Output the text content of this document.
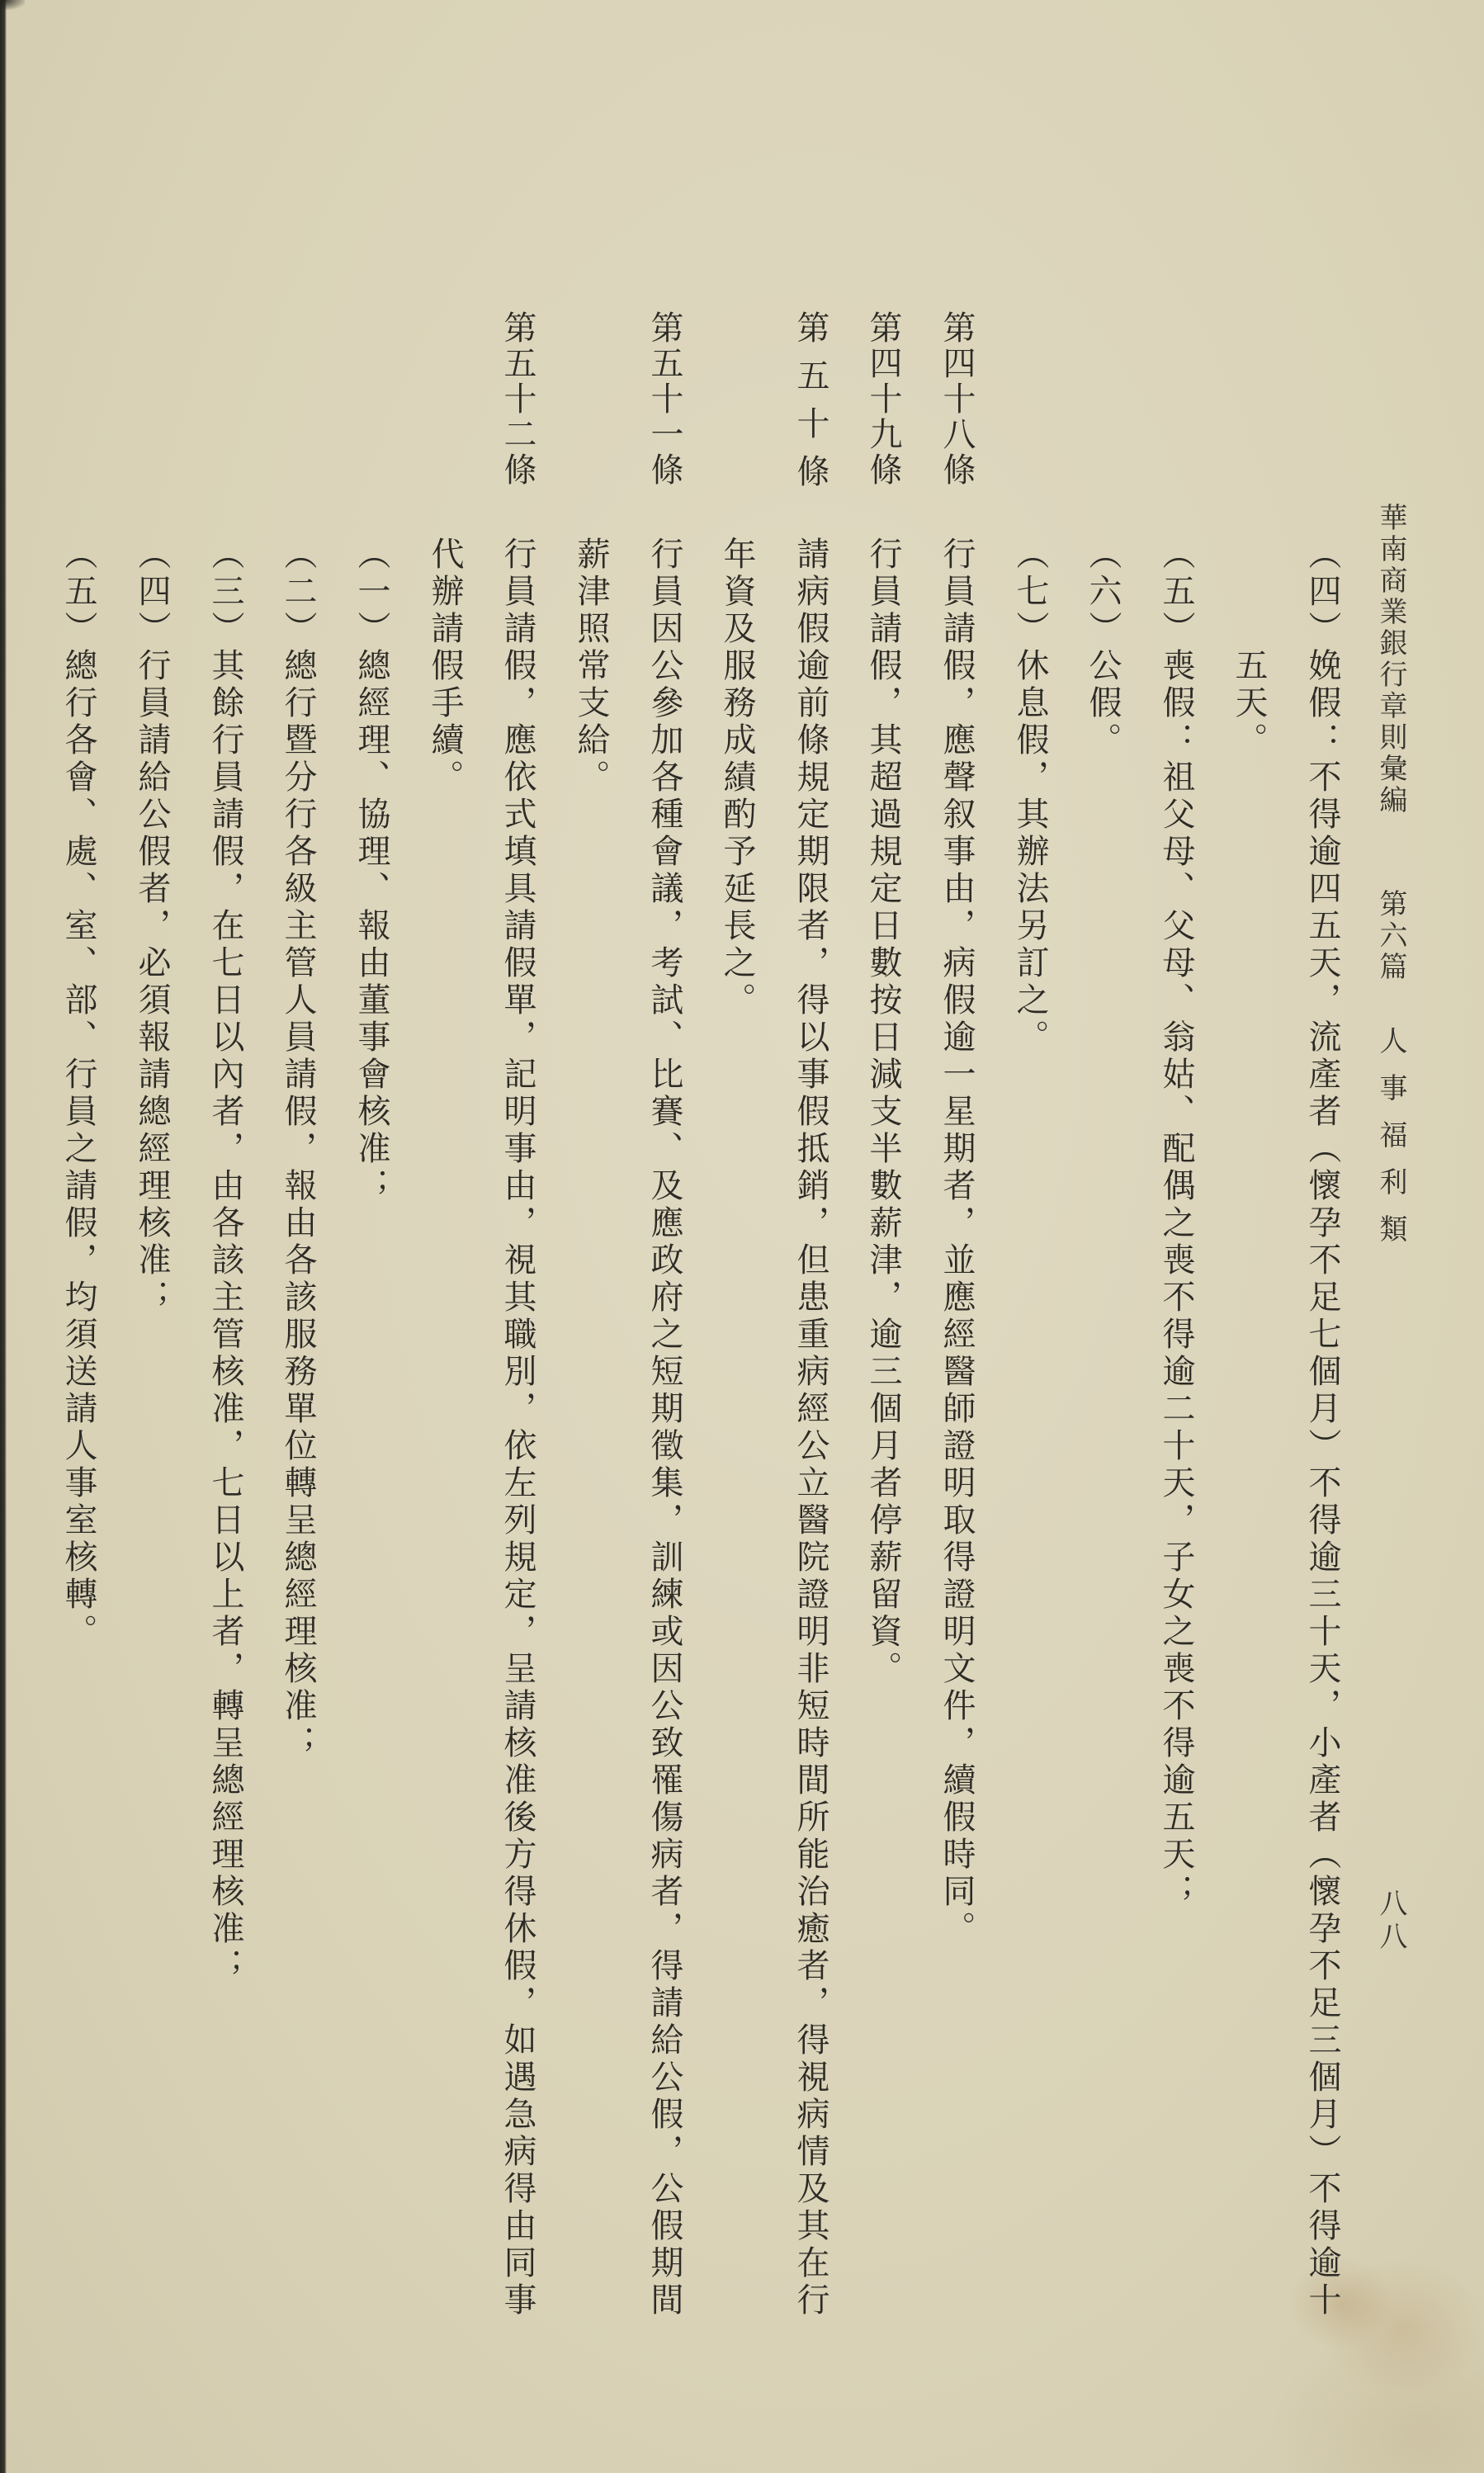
華南商業銀行章則彙編
第六篇
人事福利類
八八
（四）
娩假：不得逾四五天，流產者（懷孕不足七個月）不得逾三十天，小產者（懷孕不足三個月）不得逾十
五天。
（五）
喪假：祖父母、父母、翁姑、配偶之喪不得逾二十天，子女之喪不得逾五天；
（六）
公假。
（七）
休息假，其辦法另訂之。
第四十八條
行員請假，應聲叙事由，病假逾一星期者，並應經醫師證明取得證明文件，續假時同。
第四十九條
行員請假，其超過規定日數按日減支半數薪津，逾三個月者停薪留資。
第五十條
請病假逾前條規定期限者，得以事假抵銷，但患重病經公立醫院證明非短時間所能治癒者，得視病情及其在行
年資及服務成績酌予延長之。
第五十一條
行員因公參加各種會議，考試、比賽、及應政府之短期徵集，訓練或因公致罹傷病者，得請給公假，公假期間
薪津照常支給。
第五十二條
行員請假，應依式填具請假單，記明事由，視其職別，依左列規定，呈請核准後方得休假，如遇急病得由同事
代辦請假手續。
（一）
總經理、協理、報由董事會核准；
（二）
總行暨分行各級主管人員請假，報由各該服務單位轉呈總經理核准；
（三）
其餘行員請假，在七日以內者，由各該主管核准，七日以上者，轉呈總經理核准；
（四）
行員請給公假者，必須報請總經理核准；
（五）
總行各會、處、室、部、行員之請假，均須送請人事室核轉。
